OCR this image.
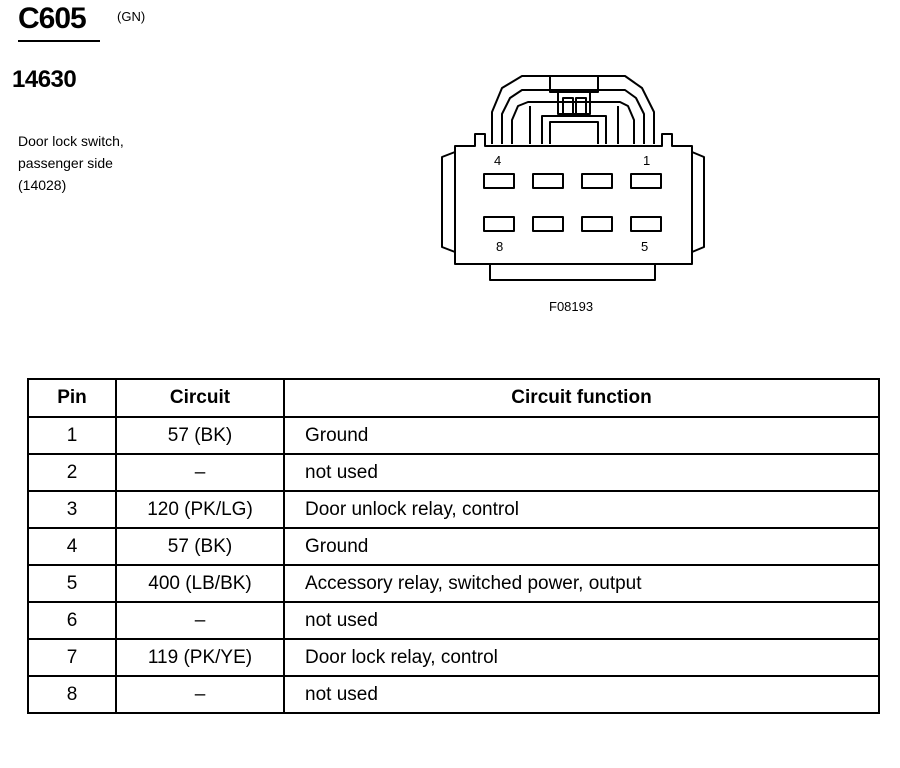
C605 (GN)
14630
Door lock switch,
passenger side
(14028)
4	1
8	5
F08193
Pin	Circuit	Circuit function
1	57 (BK)	Ground
2	–	not used
3	120 (PK/LG)	Door unlock relay, control
4	57 (BK)	Ground
5	400 (LB/BK)	Accessory relay, switched power, output
6	–	not used
7	119 (PK/YE)	Door lock relay, control
8	–	not used
